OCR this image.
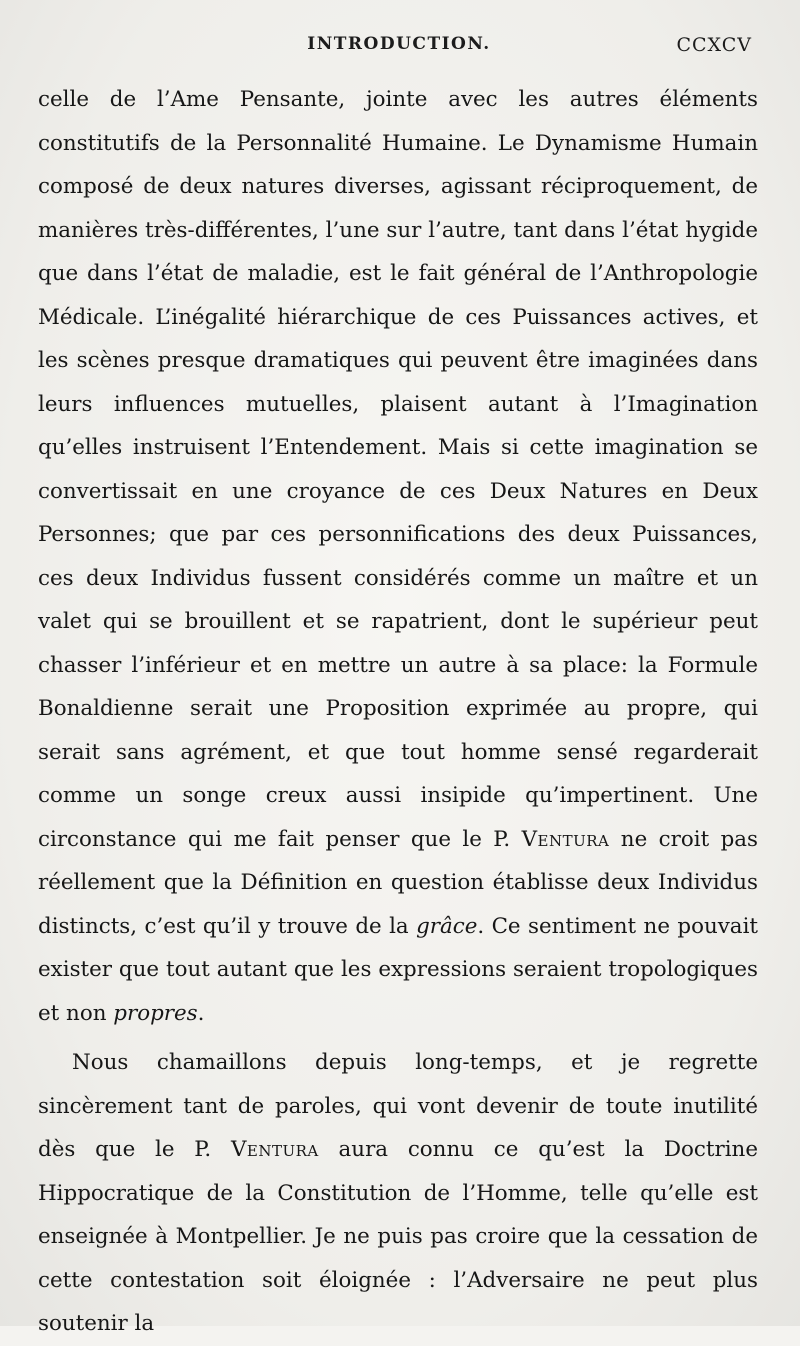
INTRODUCTION.	CCXCV

celle de l’Ame Pensante, jointe avec les autres éléments constitutifs de la Personnalité Humaine. Le Dynamisme Humain composé de deux natures diverses, agissant réciproquement, de manières très-différentes, l’une sur l’autre, tant dans l’état hygide que dans l’état de maladie, est le fait général de l’Anthropologie Médicale. L’inégalité hiérarchique de ces Puissances actives, et les scènes presque dramatiques qui peuvent être imaginées dans leurs influences mutuelles, plaisent autant à l’Imagination qu’elles instruisent l’Entendement. Mais si cette imagination se convertissait en une croyance de ces Deux Natures en Deux Personnes; que par ces personnifications des deux Puissances, ces deux Individus fussent considérés comme un maître et un valet qui se brouillent et se rapatrient, dont le supérieur peut chasser l’inférieur et en mettre un autre à sa place: la Formule Bonaldienne serait une Proposition exprimée au propre, qui serait sans agrément, et que tout homme sensé regarderait comme un songe creux aussi insipide qu’impertinent. Une circonstance qui me fait penser que le P. Ventura ne croit pas réellement que la Définition en question établisse deux Individus distincts, c’est qu’il y trouve de la grâce. Ce sentiment ne pouvait exister que tout autant que les expressions seraient tropologiques et non propres.

Nous chamaillons depuis long-temps, et je regrette sincèrement tant de paroles, qui vont devenir de toute inutilité dès que le P. Ventura aura connu ce qu’est la Doctrine Hippocratique de la Constitution de l’Homme, telle qu’elle est enseignée à Montpellier. Je ne puis pas croire que la cessation de cette contestation soit éloignée : l’Adversaire ne peut plus soutenir la
